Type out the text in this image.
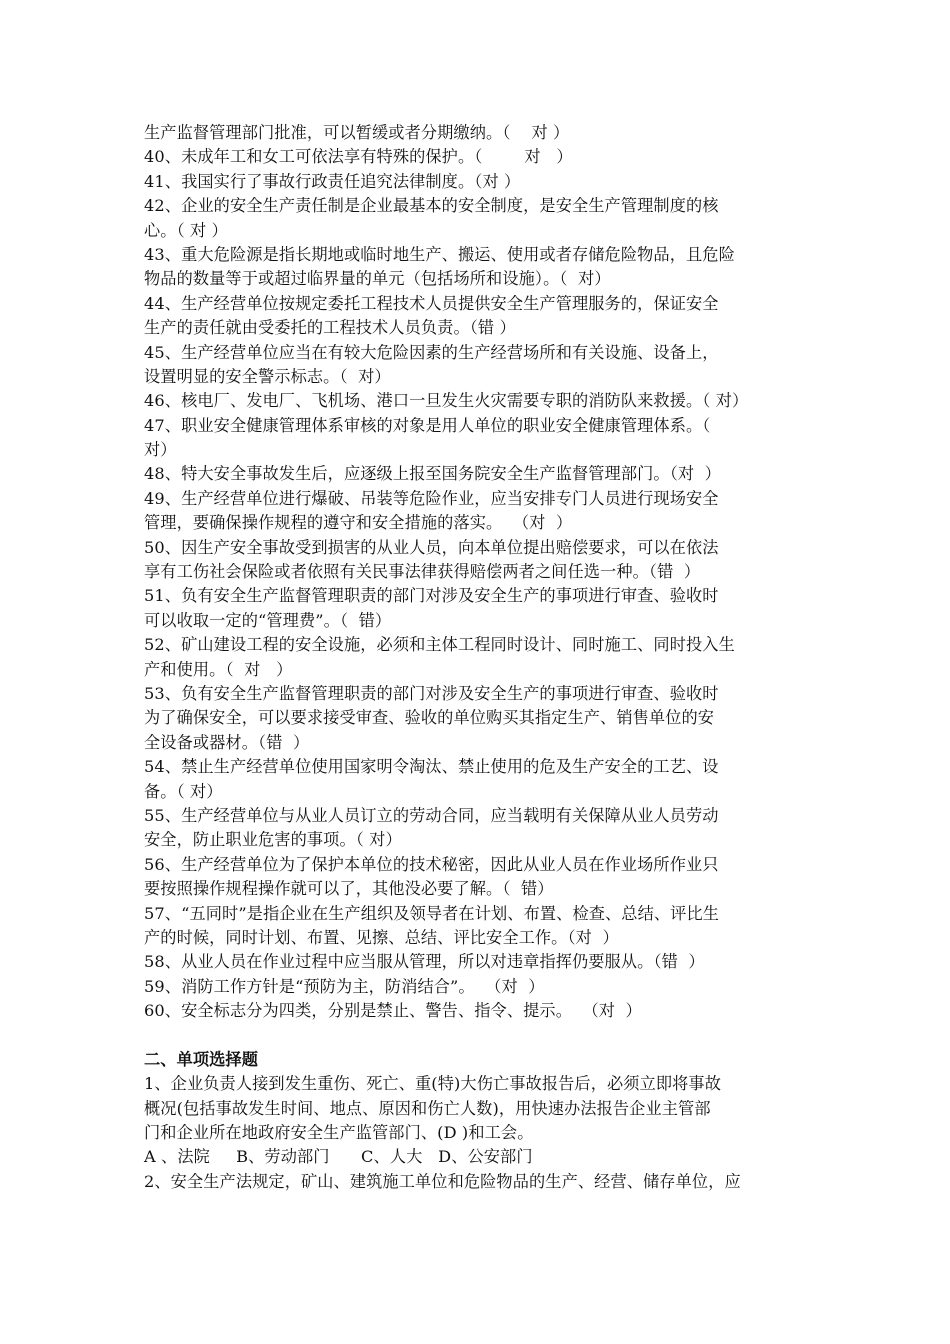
生产监督管理部门批准，可以暂缓或者分期缴纳。（    对 ）
40、未成年工和女工可依法享有特殊的保护。（        对   ）
41、我国实行了事故行政责任追究法律制度。（对 ）
42、企业的安全生产责任制是企业最基本的安全制度，是安全生产管理制度的核
心。（ 对 ）
43、重大危险源是指长期地或临时地生产、搬运、使用或者存储危险物品，且危险
物品的数量等于或超过临界量的单元（包括场所和设施）。（  对）
44、生产经营单位按规定委托工程技术人员提供安全生产管理服务的，保证安全
生产的责任就由受委托的工程技术人员负责。（错 ）
45、生产经营单位应当在有较大危险因素的生产经营场所和有关设施、设备上，
设置明显的安全警示标志。（  对）
46、核电厂、发电厂、飞机场、港口一旦发生火灾需要专职的消防队来救援。（ 对）
47、职业安全健康管理体系审核的对象是用人单位的职业安全健康管理体系。（
对）
48、特大安全事故发生后，应逐级上报至国务院安全生产监督管理部门。（对  ）
49、生产经营单位进行爆破、吊装等危险作业，应当安排专门人员进行现场安全
管理，要确保操作规程的遵守和安全措施的落实。  （对  ）
50、因生产安全事故受到损害的从业人员，向本单位提出赔偿要求，可以在依法
享有工伤社会保险或者依照有关民事法律获得赔偿两者之间任选一种。（错  ）
51、负有安全生产监督管理职责的部门对涉及安全生产的事项进行审查、验收时
可以收取一定的“管理费”。（  错）
52、矿山建设工程的安全设施，必须和主体工程同时设计、同时施工、同时投入生
产和使用。（  对   ）
53、负有安全生产监督管理职责的部门对涉及安全生产的事项进行审查、验收时
为了确保安全，可以要求接受审查、验收的单位购买其指定生产、销售单位的安
全设备或器材。（错  ）
54、禁止生产经营单位使用国家明令淘汰、禁止使用的危及生产安全的工艺、设
备。（ 对）
55、生产经营单位与从业人员订立的劳动合同，应当载明有关保障从业人员劳动
安全，防止职业危害的事项。（ 对）
56、生产经营单位为了保护本单位的技术秘密，因此从业人员在作业场所作业只
要按照操作规程操作就可以了，其他没必要了解。（  错）
57、“五同时”是指企业在生产组织及领导者在计划、布置、检查、总结、评比生
产的时候，同时计划、布置、见擦、总结、评比安全工作。（对  ）
58、从业人员在作业过程中应当服从管理，所以对违章指挥仍要服从。（错  ）
59、消防工作方针是“预防为主，防消结合”。  （对  ）
60、安全标志分为四类，分别是禁止、警告、指令、提示。  （对  ）
二、单项选择题
1、企业负责人接到发生重伤、死亡、重(特)大伤亡事故报告后，必须立即将事故
概况(包括事故发生时间、地点、原因和伤亡人数)，用快速办法报告企业主管部
门和企业所在地政府安全生产监管部门、(D )和工会。
A 、法院     B、劳动部门      C、人大   D、公安部门
2、安全生产法规定，矿山、建筑施工单位和危险物品的生产、经营、储存单位，应
